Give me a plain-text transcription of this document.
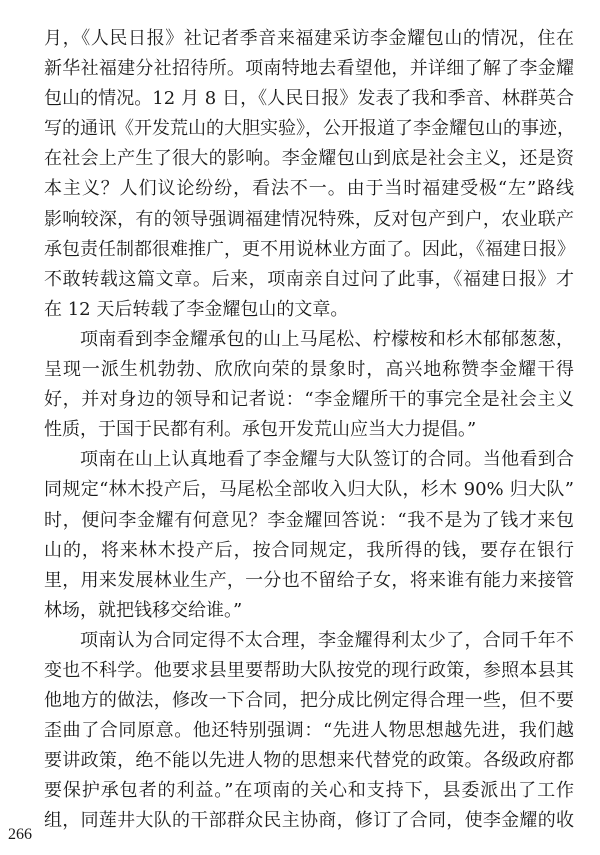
月，《人民日报》社记者季音来福建采访李金耀包山的情况，住在
新华社福建分社招待所。项南特地去看望他，并详细了解了李金耀
包山的情况。12 月 8 日，《人民日报》发表了我和季音、林群英合
写的通讯《开发荒山的大胆实验》，公开报道了李金耀包山的事迹，
在社会上产生了很大的影响。李金耀包山到底是社会主义，还是资
本主义？人们议论纷纷，看法不一。由于当时福建受极“左”路线
影响较深，有的领导强调福建情况特殊，反对包产到户，农业联产
承包责任制都很难推广，更不用说林业方面了。因此，《福建日报》
不敢转载这篇文章。后来，项南亲自过问了此事，《福建日报》才
在 12 天后转载了李金耀包山的文章。
项南看到李金耀承包的山上马尾松、柠檬桉和杉木郁郁葱葱，
呈现一派生机勃勃、欣欣向荣的景象时，高兴地称赞李金耀干得
好，并对身边的领导和记者说：“李金耀所干的事完全是社会主义
性质，于国于民都有利。承包开发荒山应当大力提倡。”
项南在山上认真地看了李金耀与大队签订的合同。当他看到合
同规定“林木投产后，马尾松全部收入归大队，杉木 90% 归大队”
时，便问李金耀有何意见？李金耀回答说：“我不是为了钱才来包
山的，将来林木投产后，按合同规定，我所得的钱，要存在银行
里，用来发展林业生产，一分也不留给子女，将来谁有能力来接管
林场，就把钱移交给谁。”
项南认为合同定得不太合理，李金耀得利太少了，合同千年不
变也不科学。他要求县里要帮助大队按党的现行政策，参照本县其
他地方的做法，修改一下合同，把分成比例定得合理一些，但不要
歪曲了合同原意。他还特别强调：“先进人物思想越先进，我们越
要讲政策，绝不能以先进人物的思想来代替党的政策。各级政府都
要保护承包者的利益。”在项南的关心和支持下，县委派出了工作
组，同莲井大队的干部群众民主协商，修订了合同，使李金耀的收
266
